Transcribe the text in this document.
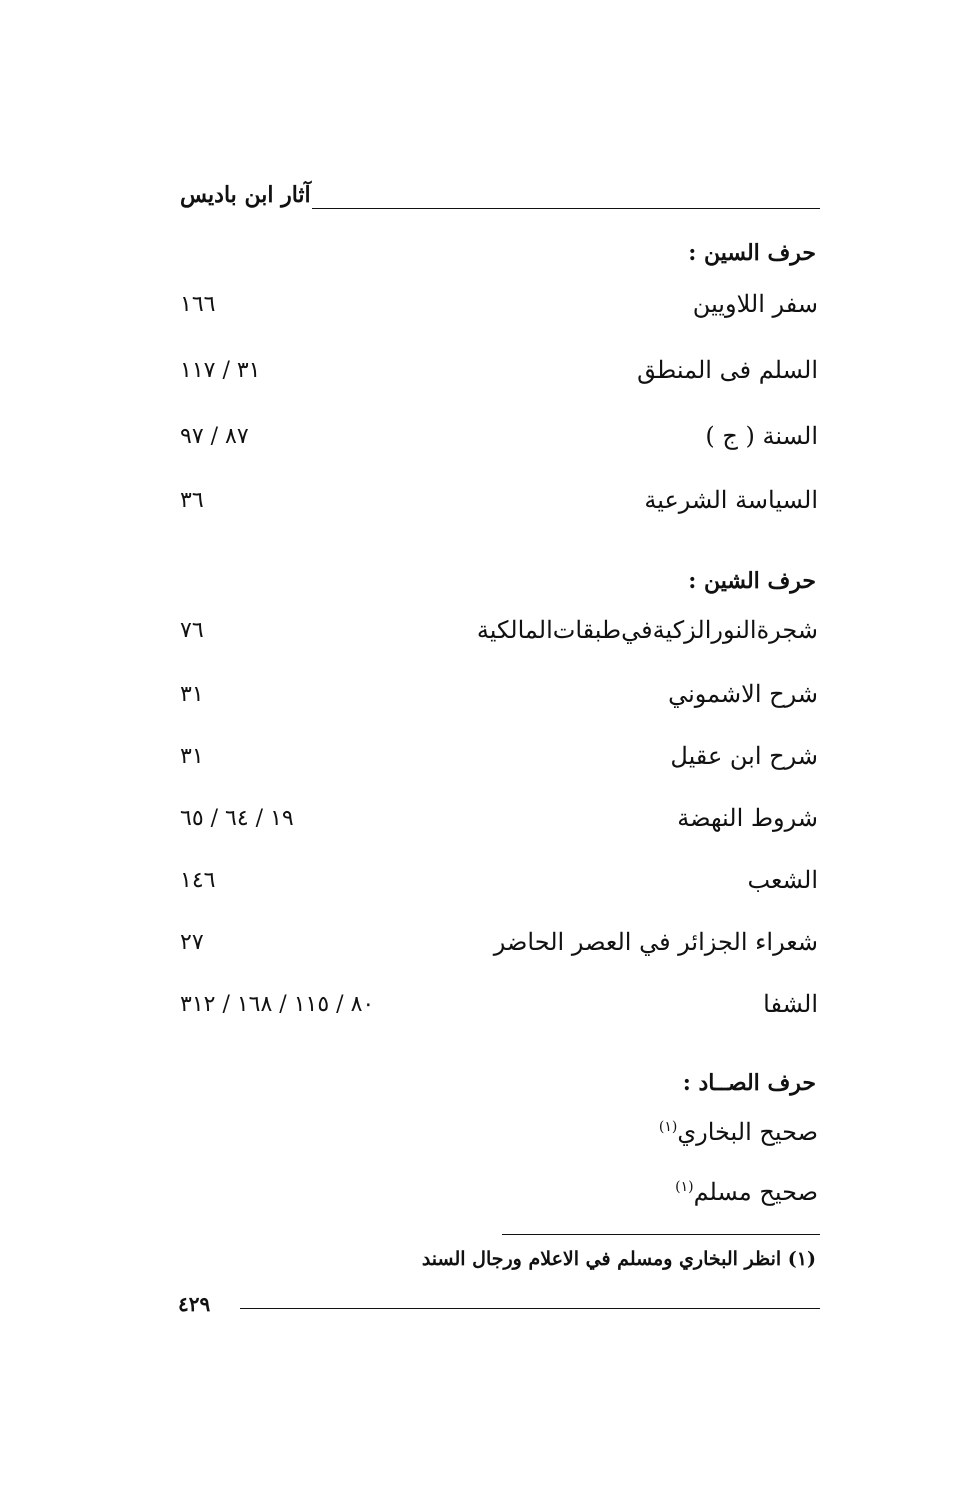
آثار ابن باديس
حرف السين :
سفر اللاويين
١٦٦
السلم فى المنطق
٣١ / ١١٧
السنة ( ج )
٨٧ / ٩٧
السياسة الشرعية
٣٦
حرف الشين :
شجرةالنورالزكيةفي‌طبقات‌المالكية
٧٦
شرح الاشموني
٣١
شرح ابن عقيل
٣١
شروط النهضة
١٩ / ٦٤ / ٦٥
الشعب
١٤٦
شعراء الجزائر في العصر الحاضر
٢٧
الشفا
٨٠ / ١١٥ / ١٦٨ / ٣١٢
حرف الصــاد :
صحيح البخاري$^{(١)}$
صحيح مسلم$^{(١)}$
(١) انظر البخاري ومسلم في الاعلام ورجال السند
٤٢٩
